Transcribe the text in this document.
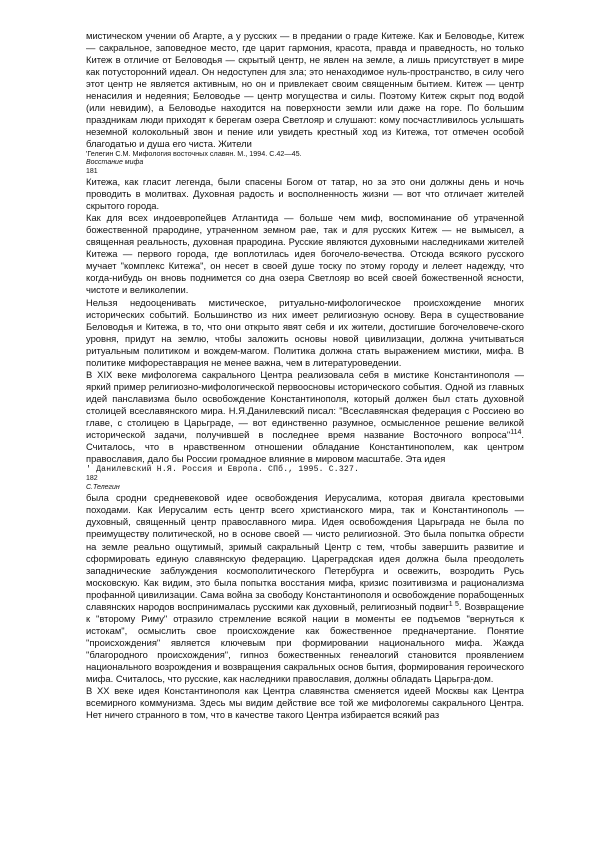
мистическом учении об Агарте, а у русских — в предании о граде Китеже. Как и Беловодье, Китеж — сакральное, заповедное место, где царит гармония, красота, правда и праведность, но только Китеж в отличие от Беловодья — скрытый центр, не явлен на земле, а лишь присутствует в мире как потусторонний идеал. Он недоступен для зла; это ненаходимое нуль-пространство, в силу чего этот центр не является активным, но он и привлекает своим священным бытием. Китеж — центр ненасилия и недеяния; Беловодье — центр могущества и силы. Поэтому Китеж скрыт под водой (или невидим), а Беловодье находится на поверхности земли или даже на горе. По большим праздникам люди приходят к берегам озера Светлояр и слушают: кому посчастливилось услышать неземной колокольный звон и пение или увидеть крестный ход из Китежа, тот отмечен особой благодатью и душа его чиста. Жители

'Гелегин С.М. Мифология восточных славян. М., 1994. С.42—45.
Восстание мифа
181

Китежа, как гласит легенда, были спасены Богом от татар, но за это они должны день и ночь проводить в молитвах. Духовная радость и восполненность жизни — вот что отличает жителей скрытого города.

Как для всех индоевропейцев Атлантида — больше чем миф, воспоминание об утраченной божественной прародине, утраченном земном рае, так и для русских Китеж — не вымысел, а священная реальность, духовная прародина. Русские являются духовными наследниками жителей Китежа — первого города, где воплотилась идея богочело-вечества. Отсюда всякого русского мучает "комплекс Китежа", он несет в своей душе тоску по этому городу и лелеет надежду, что когда-нибудь он вновь поднимется со дна озера Светлояр во всей своей божественной ясности, чистоте и великолепии.

Нельзя недооценивать мистическое, ритуально-мифологическое происхождение многих исторических событий. Большинство из них имеет религиозную основу. Вера в существование Беловодья и Китежа, в то, что они открыто явят себя и их жители, достигшие богочеловече-ского уровня, придут на землю, чтобы заложить основы новой цивилизации, должна учитываться ритуальным политиком и вождем-магом. Политика должна стать выражением мистики, мифа. В политике мифореставрация не менее важна, чем в литературоведении.

В XIX веке мифологема сакрального Центра реализовала себя в мистике Константинополя — яркий пример религиозно-мифологической первоосновы исторического события. Одной из главных идей панславизма было освобождение Константинополя, который должен был стать духовной столицей всеславянского мира. Н.Я.Данилевский писал: "Всеславянская федерация с Россиею во главе, с столицею в Царьграде, — вот единственно разумное, осмысленное решение великой исторической задачи, получившей в последнее время название Восточного вопроса"$^{114}$. Считалось, что в нравственном отношении обладание Константинополем, как центром православия, дало бы России громадное влияние в мировом масштабе. Эта идея

' Данилевский Н.Я. Россия и Европа. СПб., 1995. С.327.
182
С.Телегин

была сродни средневековой идее освобождения Иерусалима, которая двигала крестовыми походами. Как Иерусалим есть центр всего христианского мира, так и Константинополь — духовный, священный центр православного мира. Идея освобождения Царьграда не была по преимуществу политической, но в основе своей — чисто религиозной. Это была попытка обрести на земле реально ощутимый, зримый сакральный Центр с тем, чтобы завершить развитие и сформировать единую славянскую федерацию. Цареградская идея должна была преодолеть западнические заблуждения космополитического Петербурга и освежить, возродить Русь московскую. Как видим, это была попытка восстания мифа, кризис позитивизма и рационализма профанной цивилизации. Сама война за свободу Константинополя и освобождение порабощенных славянских народов воспринималась русскими как духовный, религиозный подвиг$^{1 5}$. Возвращение к "второму Риму" отразило стремление всякой нации в моменты ее подъемов "вернуться к истокам", осмыслить свое происхождение как божественное предначертание. Понятие "происхождения" является ключевым при формировании национального мифа. Жажда "благородного происхождения", гипноз божественных генеалогий становится проявлением национального возрождения и возвращения сакральных основ бытия, формирования героического мифа. Считалось, что русские, как наследники православия, должны обладать Царьгра-дом.

В XX веке идея Константинополя как Центра славянства сменяется идеей Москвы как Центра всемирного коммунизма. Здесь мы видим действие все той же мифологемы сакрального Центра. Нет ничего странного в том, что в качестве такого Центра избирается всякий раз
